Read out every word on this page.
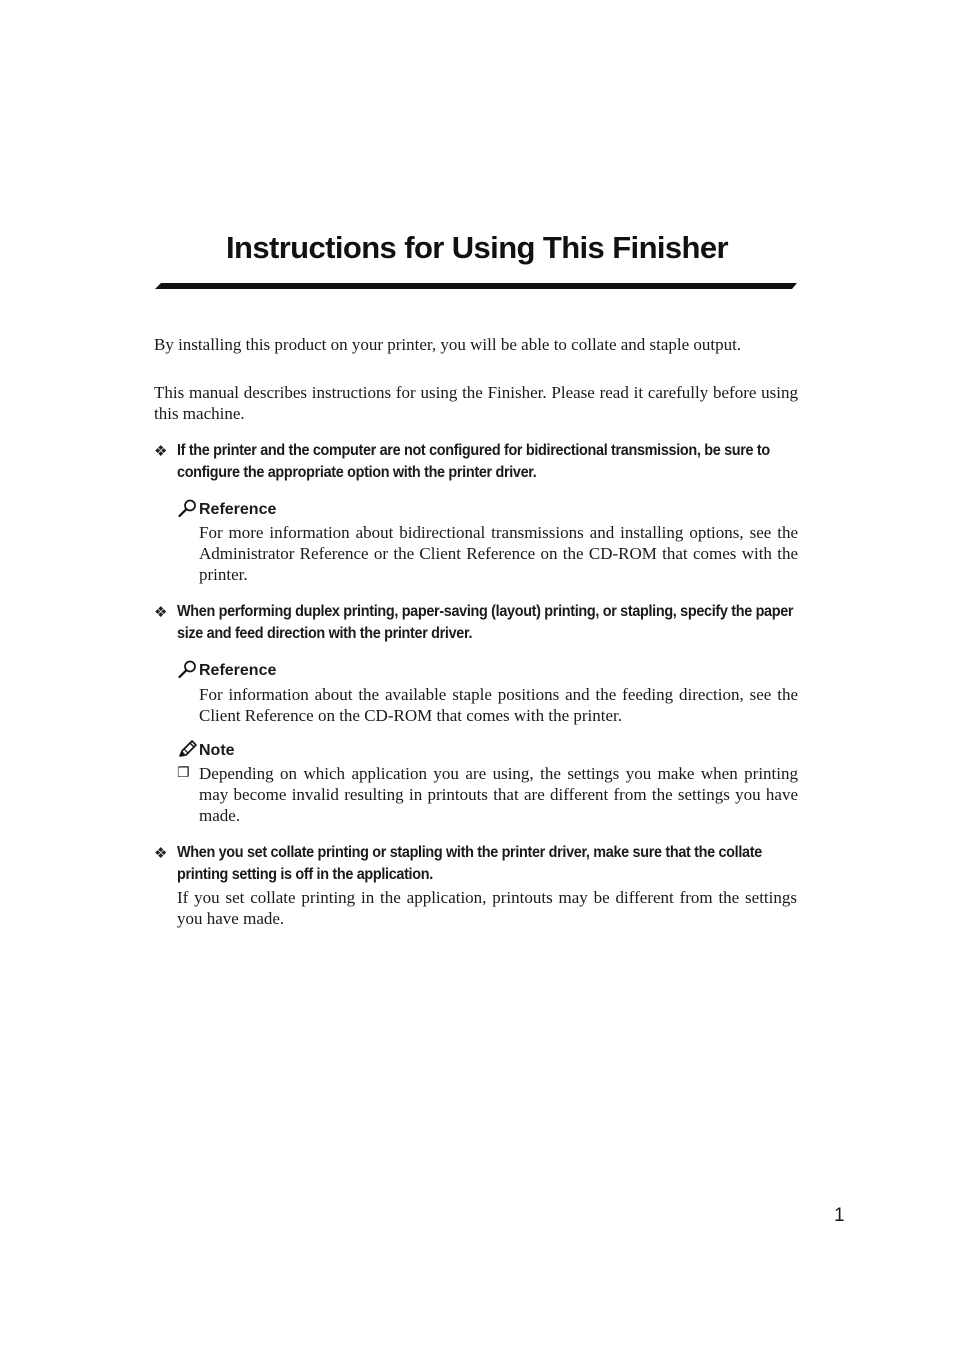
Instructions for Using This Finisher

By installing this product on your printer, you will be able to collate and staple output.

This manual describes instructions for using the Finisher. Please read it carefully before using this machine.

❖ If the printer and the computer are not configured for bidirectional transmission, be sure to configure the appropriate option with the printer driver.

Reference

For more information about bidirectional transmissions and installing options, see the Administrator Reference or the Client Reference on the CD-ROM that comes with the printer.

❖ When performing duplex printing, paper-saving (layout) printing, or stapling, specify the paper size and feed direction with the printer driver.

Reference

For information about the available staple positions and the feeding direction, see the Client Reference on the CD-ROM that comes with the printer.

Note
❐ Depending on which application you are using, the settings you make when printing may become invalid resulting in printouts that are different from the settings you have made.

❖ When you set collate printing or stapling with the printer driver, make sure that the collate printing setting is off in the application.

If you set collate printing in the application, printouts may be different from the settings you have made.

1
